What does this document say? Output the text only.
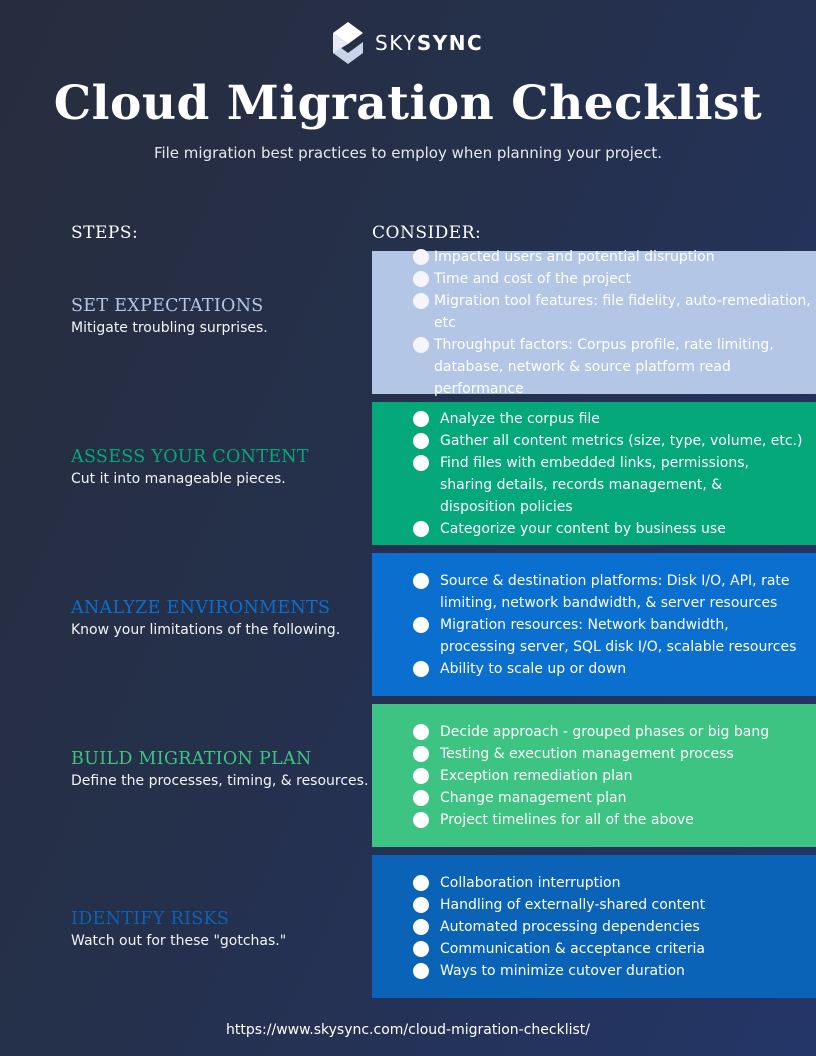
SKYSYNC
Cloud Migration Checklist
File migration best practices to employ when planning your project.
STEPS:	CONSIDER:
SET EXPECTATIONS
Mitigate troubling surprises.
Impacted users and potential disruption
Time and cost of the project
Migration tool features: file fidelity, auto-remediation, etc
Throughput factors: Corpus profile, rate limiting, database, network & source platform read performance
ASSESS YOUR CONTENT
Cut it into manageable pieces.
Analyze the corpus file
Gather all content metrics (size, type, volume, etc.)
Find files with embedded links, permissions, sharing details, records management, & disposition policies
Categorize your content by business use
ANALYZE ENVIRONMENTS
Know your limitations of the following.
Source & destination platforms: Disk I/O, API, rate limiting, network bandwidth, & server resources
Migration resources: Network bandwidth, processing server, SQL disk I/O, scalable resources
Ability to scale up or down
BUILD MIGRATION PLAN
Define the processes, timing, & resources.
Decide approach - grouped phases or big bang
Testing & execution management process
Exception remediation plan
Change management plan
Project timelines for all of the above
IDENTIFY RISKS
Watch out for these "gotchas."
Collaboration interruption
Handling of externally-shared content
Automated processing dependencies
Communication & acceptance criteria
Ways to minimize cutover duration
https://www.skysync.com/cloud-migration-checklist/
